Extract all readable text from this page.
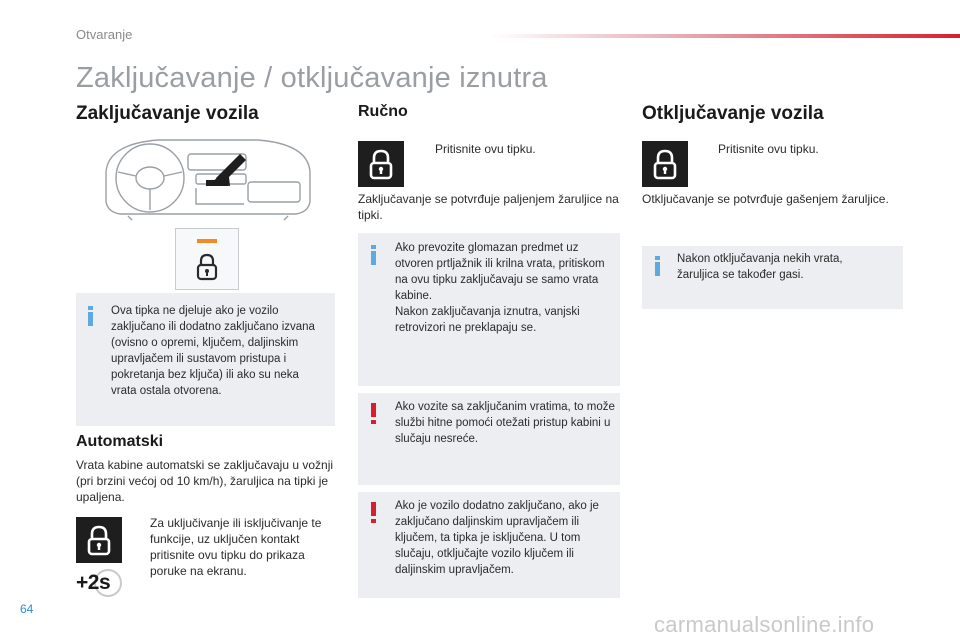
Otvaranje
Zaključavanje / otključavanje iznutra
Zaključavanje vozila
Ova tipka ne djeluje ako je vozilo zaključano ili dodatno zaključano izvana (ovisno o opremi, ključem, daljinskim upravljačem ili sustavom pristupa i pokretanja bez ključa) ili ako su neka vrata ostala otvorena.
Automatski
Vrata kabine automatski se zaključavaju u vožnji (pri brzini većoj od 10 km/h), žaruljica na tipki je upaljena.
Za uključivanje ili isključivanje te funkcije, uz uključen kontakt pritisnite ovu tipku do prikaza poruke na ekranu.
+2s
Ručno
Pritisnite ovu tipku.
Zaključavanje se potvrđuje paljenjem žaruljice na tipki.
Ako prevozite glomazan predmet uz otvoren prtljažnik ili krilna vrata, pritiskom na ovu tipku zaključavaju se samo vrata kabine.
Nakon zaključavanja iznutra, vanjski retrovizori ne preklapaju se.
Ako vozite sa zaključanim vratima, to može službi hitne pomoći otežati pristup kabini u slučaju nesreće.
Ako je vozilo dodatno zaključano, ako je zaključano daljinskim upravljačem ili ključem, ta tipka je isključena. U tom slučaju, otključajte vozilo ključem ili daljinskim upravljačem.
Otključavanje vozila
Pritisnite ovu tipku.
Otključavanje se potvrđuje gašenjem žaruljice.
Nakon otključavanja nekih vrata, žaruljica se također gasi.
64
carmanualsonline.info
